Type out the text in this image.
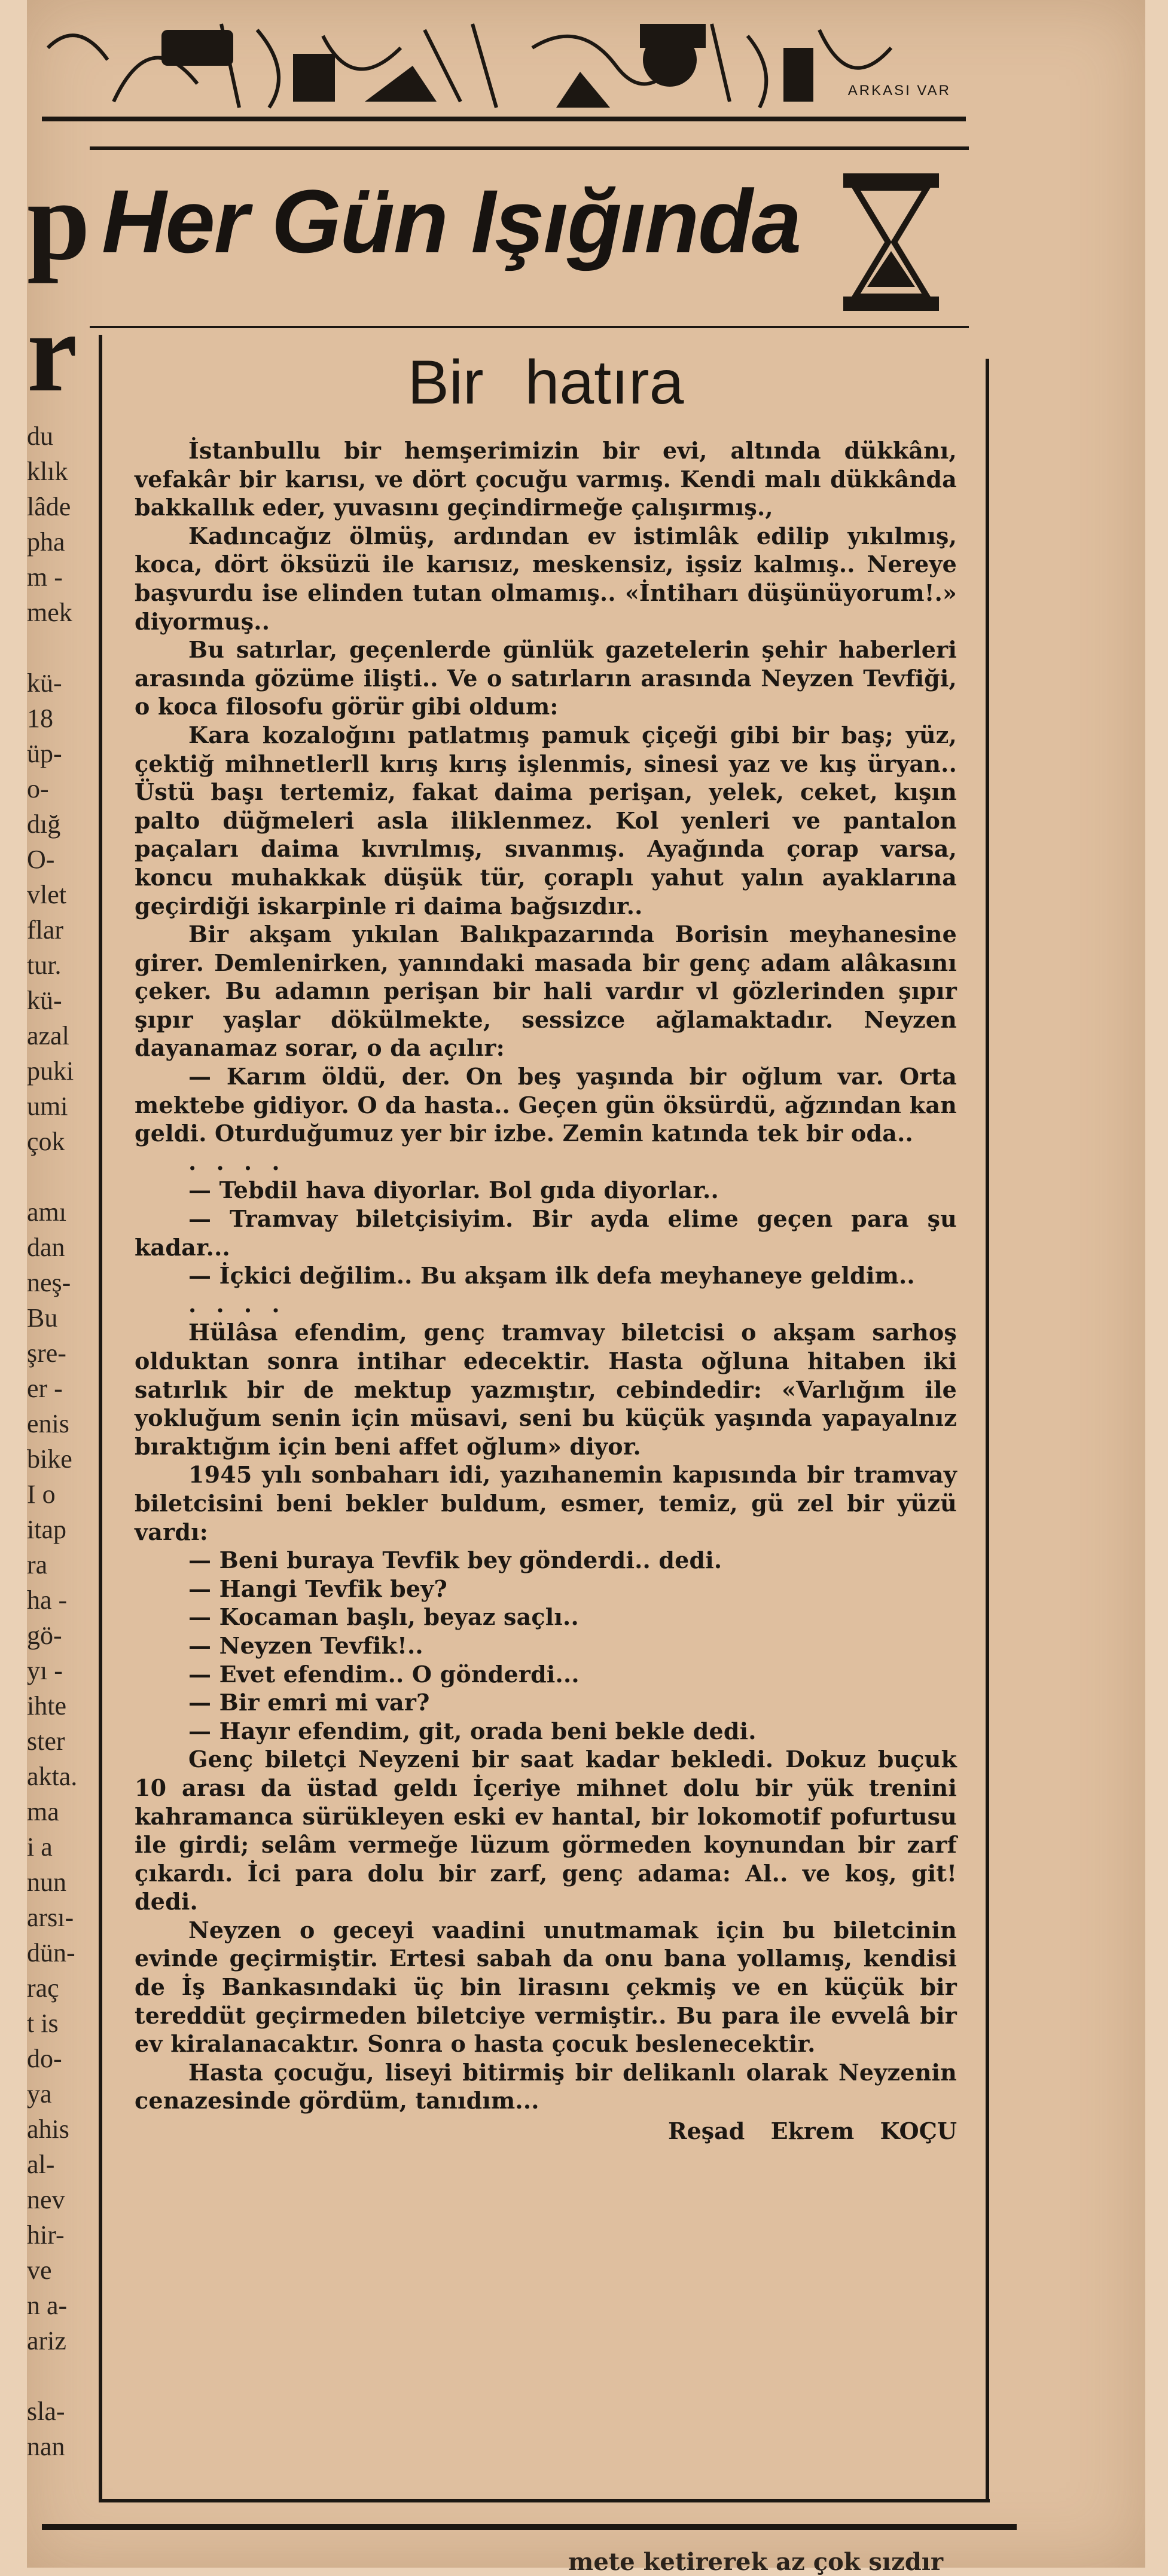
p
r
du
klık
lâde
pha
m -
mek

kü-
18
üp-
o-
dığ
O-
vlet
flar
tur.
kü-
azal
puki
umi
çok

amı
dan
neş-
Bu
şre-
er -
enis
bike
I o
itap
ra
ha -
gö-
yı -
ihte
ster
akta.
ma
i a
nun
arsı-
dün-
raç
t is
do-
ya
ahis
al-
nev
hir-
ve
n a-
ariz

sla-
nan
ARKASI VAR
Her Gün Işığında
Bir hatıra

İstanbullu bir hemşerimizin bir evi, altında dükkânı, vefakâr bir karısı, ve dört çocuğu varmış. Kendi malı dükkânda bakkallık eder, yuvasını geçindirmeğe çalışırmış.,

Kadıncağız ölmüş, ardından ev istimlâk edilip yıkılmış, koca, dört öksüzü ile karısız, meskensiz, işsiz kalmış.. Nereye başvurdu ise elinden tutan olmamış.. «İntiharı düşünüyorum!.» diyormuş..

Bu satırlar, geçenlerde günlük gazetelerin şehir haberleri arasında gözüme ilişti.. Ve o satırların arasında Neyzen Tevfiği, o koca filosofu görür gibi oldum:

Kara kozaloğını patlatmış pamuk çiçeği gibi bir baş; yüz, çektiğ mihnetlerll kırış kırış işlenmis, sinesi yaz ve kış üryan.. Üstü başı tertemiz, fakat daima perişan, yelek, ceket, kışın palto düğmeleri asla iliklenmez. Kol yenleri ve pantalon paçaları daima kıvrılmış, sıvanmış. Ayağında çorap varsa, koncu muhakkak düşük tür, çoraplı yahut yalın ayaklarına geçirdiği iskarpinle ri daima bağsızdır..

Bir akşam yıkılan Balıkpazarında Borisin meyhanesine girer. Demlenirken, yanındaki masada bir genç adam alâkasını çeker. Bu adamın perişan bir hali vardır vl gözlerinden şıpır şıpır yaşlar dökülmekte, sessizce ağlamaktadır. Neyzen dayanamaz sorar, o da açılır:

— Karım öldü, der. On beş yaşında bir oğlum var. Orta mektebe gidiyor. O da hasta.. Geçen gün öksürdü, ağzından kan geldi. Oturduğumuz yer bir izbe. Zemin katında tek bir oda..

. . . .

— Tebdil hava diyorlar. Bol gıda diyorlar..

— Tramvay biletçisiyim. Bir ayda elime geçen para şu kadar...

— İçkici değilim.. Bu akşam ilk defa meyhaneye geldim..

. . . .

Hülâsa efendim, genç tramvay biletcisi o akşam sarhoş olduktan sonra intihar edecektir. Hasta oğluna hitaben iki satırlık bir de mektup yazmıştır, cebindedir: «Varlığım ile yokluğum senin için müsavi, seni bu küçük yaşında yapayalnız bıraktığım için beni affet oğlum» diyor.

1945 yılı sonbaharı idi, yazıhanemin kapısında bir tramvay biletcisini beni bekler buldum, esmer, temiz, gü zel bir yüzü vardı:

— Beni buraya Tevfik bey gönderdi.. dedi.

— Hangi Tevfik bey?

— Kocaman başlı, beyaz saçlı..

— Neyzen Tevfik!..

— Evet efendim.. O gönderdi...

— Bir emri mi var?

— Hayır efendim, git, orada beni bekle dedi.

Genç biletçi Neyzeni bir saat kadar bekledi. Dokuz buçuk 10 arası da üstad geldı İçeriye mihnet dolu bir yük trenini kahramanca sürükleyen eski ev hantal, bir lokomotif pofurtusu ile girdi; selâm vermeğe lüzum görmeden koynundan bir zarf çıkardı. İci para dolu bir zarf, genç adama: Al.. ve koş, git! dedi.

Neyzen o geceyi vaadini unutmamak için bu biletcinin evinde geçirmiştir. Ertesi sabah da onu bana yollamış, kendisi de İş Bankasındaki üç bin lirasını çekmiş ve en küçük bir tereddüt geçirmeden biletciye vermiştir.. Bu para ile evvelâ bir ev kiralanacaktır. Sonra o hasta çocuk beslenecektir.

Hasta çocuğu, liseyi bitirmiş bir delikanlı olarak Neyzenin cenazesinde gördüm, tanıdım...

Reşad Ekrem KOÇU
mete ketirerek az çok sızdır
